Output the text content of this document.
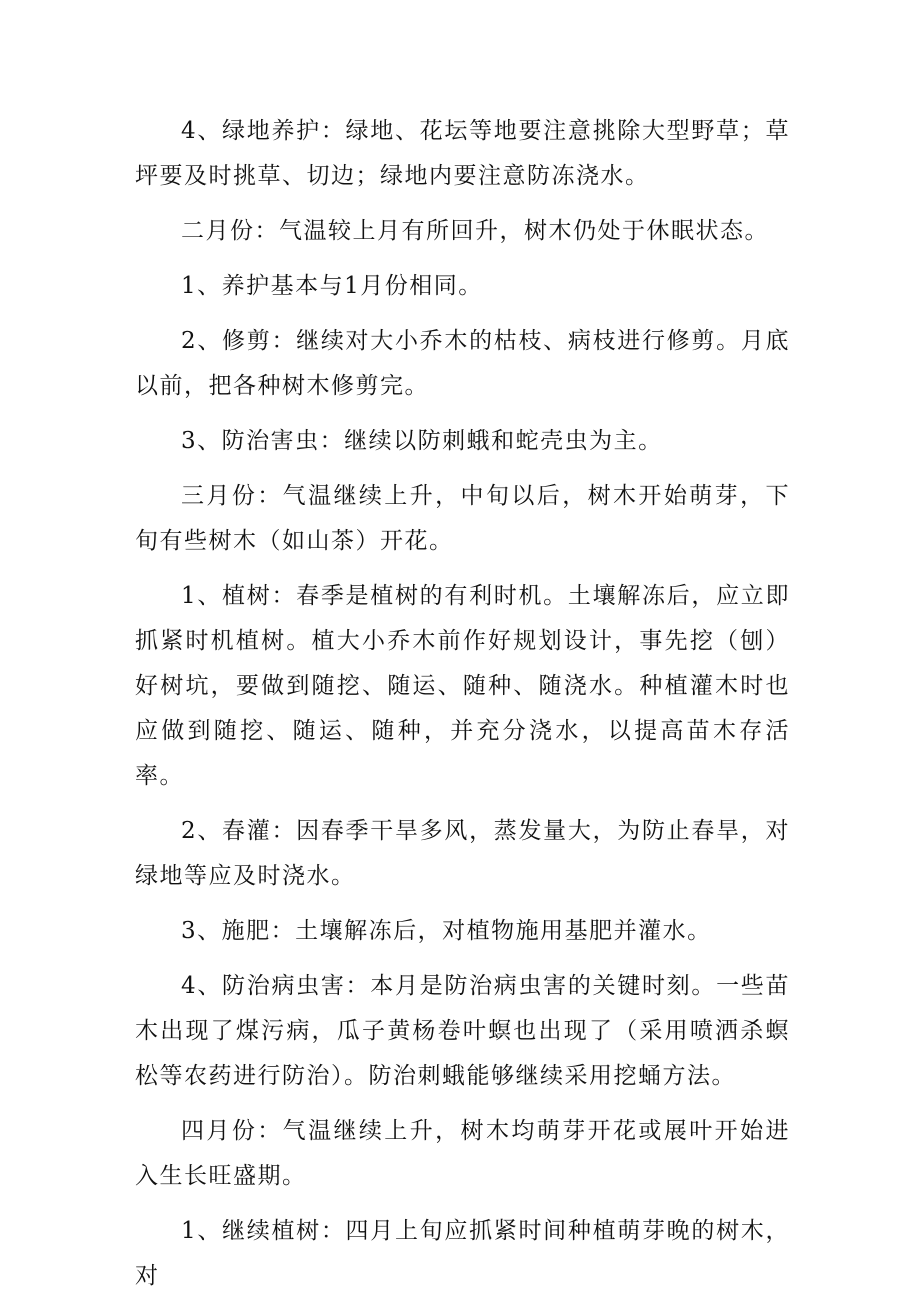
4、绿地养护：绿地、花坛等地要注意挑除大型野草；草坪要及时挑草、切边；绿地内要注意防冻浇水。

二月份：气温较上月有所回升，树木仍处于休眠状态。

1、养护基本与1月份相同。

2、修剪：继续对大小乔木的枯枝、病枝进行修剪。月底以前，把各种树木修剪完。

3、防治害虫：继续以防刺蛾和蛇壳虫为主。

三月份：气温继续上升，中旬以后，树木开始萌芽，下旬有些树木（如山茶）开花。

1、植树：春季是植树的有利时机。土壤解冻后，应立即抓紧时机植树。植大小乔木前作好规划设计，事先挖（刨）好树坑，要做到随挖、随运、随种、随浇水。种植灌木时也应做到随挖、随运、随种，并充分浇水，以提高苗木存活率。

2、春灌：因春季干旱多风，蒸发量大，为防止春旱，对绿地等应及时浇水。

3、施肥：土壤解冻后，对植物施用基肥并灌水。

4、防治病虫害：本月是防治病虫害的关键时刻。一些苗木出现了煤污病，瓜子黄杨卷叶螟也出现了（采用喷洒杀螟松等农药进行防治）。防治刺蛾能够继续采用挖蛹方法。

四月份：气温继续上升，树木均萌芽开花或展叶开始进入生长旺盛期。

1、继续植树：四月上旬应抓紧时间种植萌芽晚的树木，对
